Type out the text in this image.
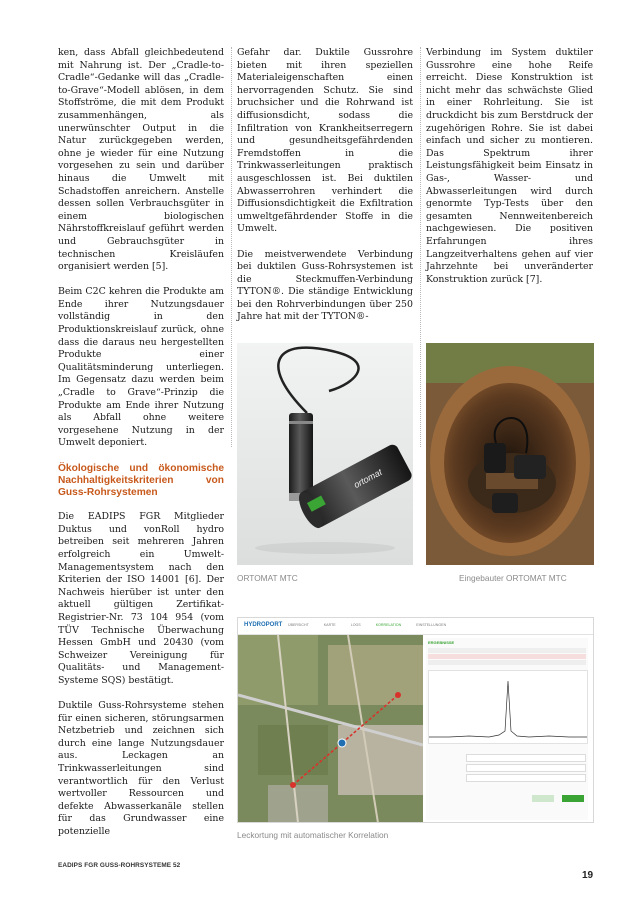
ken, dass Abfall gleichbedeutend mit Nahrung ist. Der „Cradle-to-Cradle“-Gedanke will das „Cradle-to-Grave“-Modell ablösen, in dem Stoffströme, die mit dem Produkt zusammenhängen, als unerwünschter Output in die Natur zurückgegeben werden, ohne je wieder für eine Nutzung vorgesehen zu sein und darüber hinaus die Umwelt mit Schadstoffen anreichern. Anstelle dessen sollen Verbrauchsgüter in einem biologischen Nährstoffkreislauf geführt werden und Gebrauchsgüter in technischen Kreisläufen organisiert werden [5].

Beim C2C kehren die Produkte am Ende ihrer Nutzungsdauer vollständig in den Produktionskreislauf zurück, ohne dass die daraus neu hergestellten Produkte einer Qualitätsminderung unterliegen. Im Gegensatz dazu werden beim „Cradle to Grave“-Prinzip die Produkte am Ende ihrer Nutzung als Abfall ohne weitere vorgesehene Nutzung in der Umwelt deponiert.

Ökologische und ökonomische Nachhaltigkeitskriterien von Guss-Rohrsystemen

Die EADIPS FGR Mitglieder Duktus und vonRoll hydro betreiben seit mehreren Jahren erfolgreich ein Umwelt-Managementsystem nach den Kriterien der ISO 14001 [6]. Der Nachweis hierüber ist unter den aktuell gültigen Zertifikat-Registrier-Nr. 73 104 954 (vom TÜV Technische Überwachung Hessen GmbH und 20430 (vom Schweizer Vereinigung für Qualitäts- und Management-Systeme SQS) bestätigt.

Duktile Guss-Rohrsysteme stehen für einen sicheren, störungsarmen Netzbetrieb und zeichnen sich durch eine lange Nutzungsdauer aus. Leckagen an Trinkwasserleitungen sind verantwortlich für den Verlust wertvoller Ressourcen und defekte Abwasserkanäle stellen für das Grundwasser eine potenzielle

Gefahr dar. Duktile Gussrohre bieten mit ihren speziellen Materialeigenschaften einen hervorragenden Schutz. Sie sind bruchsicher und die Rohrwand ist diffusionsdicht, sodass die Infiltration von Krankheitserregern und gesundheitsgefährdenden Fremdstoffen in die Trinkwasserleitungen praktisch ausgeschlossen ist. Bei duktilen Abwasserrohren verhindert die Diffusionsdichtigkeit die Exfiltration umweltgefährdender Stoffe in die Umwelt.

Die meistverwendete Verbindung bei duktilen Guss-Rohrsystemen ist die Steckmuffen-Verbindung TYTON®. Die ständige Entwicklung bei den Rohrverbindungen über 250 Jahre hat mit der TYTON®-

Verbindung im System duktiler Gussrohre eine hohe Reife erreicht. Diese Konstruktion ist nicht mehr das schwächste Glied in einer Rohrleitung. Sie ist druckdicht bis zum Berstdruck der zugehörigen Rohre. Sie ist dabei einfach und sicher zu montieren. Das Spektrum ihrer Leistungsfähigkeit beim Einsatz in Gas-, Wasser- und Abwasserleitungen wird durch genormte Typ-Tests über den gesamten Nennweitenbereich nachgewiesen. Die positiven Erfahrungen ihres Langzeitverhaltens gehen auf vier Jahrzehnte bei unveränderter Konstruktion zurück [7].

ortomat
ORTOMAT MTC	Eingebauter ORTOMAT MTC
HYDROPORT ÜBERSICHT	KARTE	LOGS	KORRELATION	EINSTELLUNGEN
ERGEBNISSE

Leckortung mit automatischer Korrelation
EADIPS FGR GUSS-ROHRSYSTEME 52
19
